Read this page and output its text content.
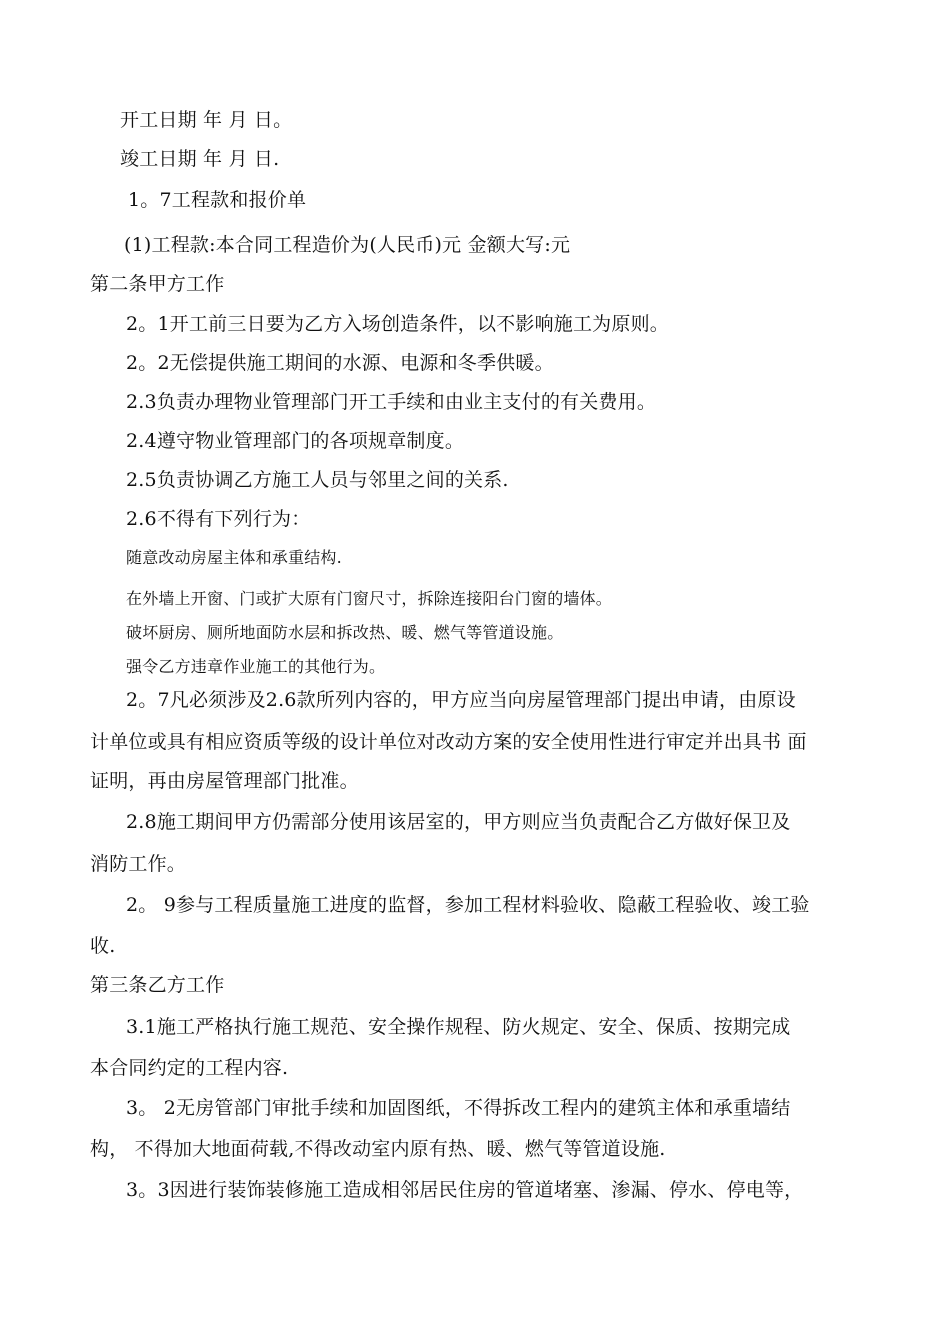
开工日期 年 月 日。
竣工日期 年 月 日.
1。7工程款和报价单
(1)工程款:本合同工程造价为(人民币)元 金额大写:元
第二条甲方工作
2。1开工前三日要为乙方入场创造条件，以不影响施工为原则。
2。2无偿提供施工期间的水源、电源和冬季供暖。
2.3负责办理物业管理部门开工手续和由业主支付的有关费用。
2.4遵守物业管理部门的各项规章制度。
2.5负责协调乙方施工人员与邻里之间的关系.
2.6不得有下列行为：
随意改动房屋主体和承重结构.
在外墙上开窗、门或扩大原有门窗尺寸，拆除连接阳台门窗的墙体。
破坏厨房、厕所地面防水层和拆改热、暖、燃气等管道设施。
强令乙方违章作业施工的其他行为。
2。7凡必须涉及2.6款所列内容的，甲方应当向房屋管理部门提出申请，由原设
计单位或具有相应资质等级的设计单位对改动方案的安全使用性进行审定并出具书 面
证明，再由房屋管理部门批准。
2.8施工期间甲方仍需部分使用该居室的，甲方则应当负责配合乙方做好保卫及
消防工作。
2。 9参与工程质量施工进度的监督，参加工程材料验收、隐蔽工程验收、竣工验
收.
第三条乙方工作
3.1施工严格执行施工规范、安全操作规程、防火规定、安全、保质、按期完成
本合同约定的工程内容.
3。 2无房管部门审批手续和加固图纸，不得拆改工程内的建筑主体和承重墙结
构， 不得加大地面荷载,不得改动室内原有热、暖、燃气等管道设施.
3。3因进行装饰装修施工造成相邻居民住房的管道堵塞、渗漏、停水、停电等，
